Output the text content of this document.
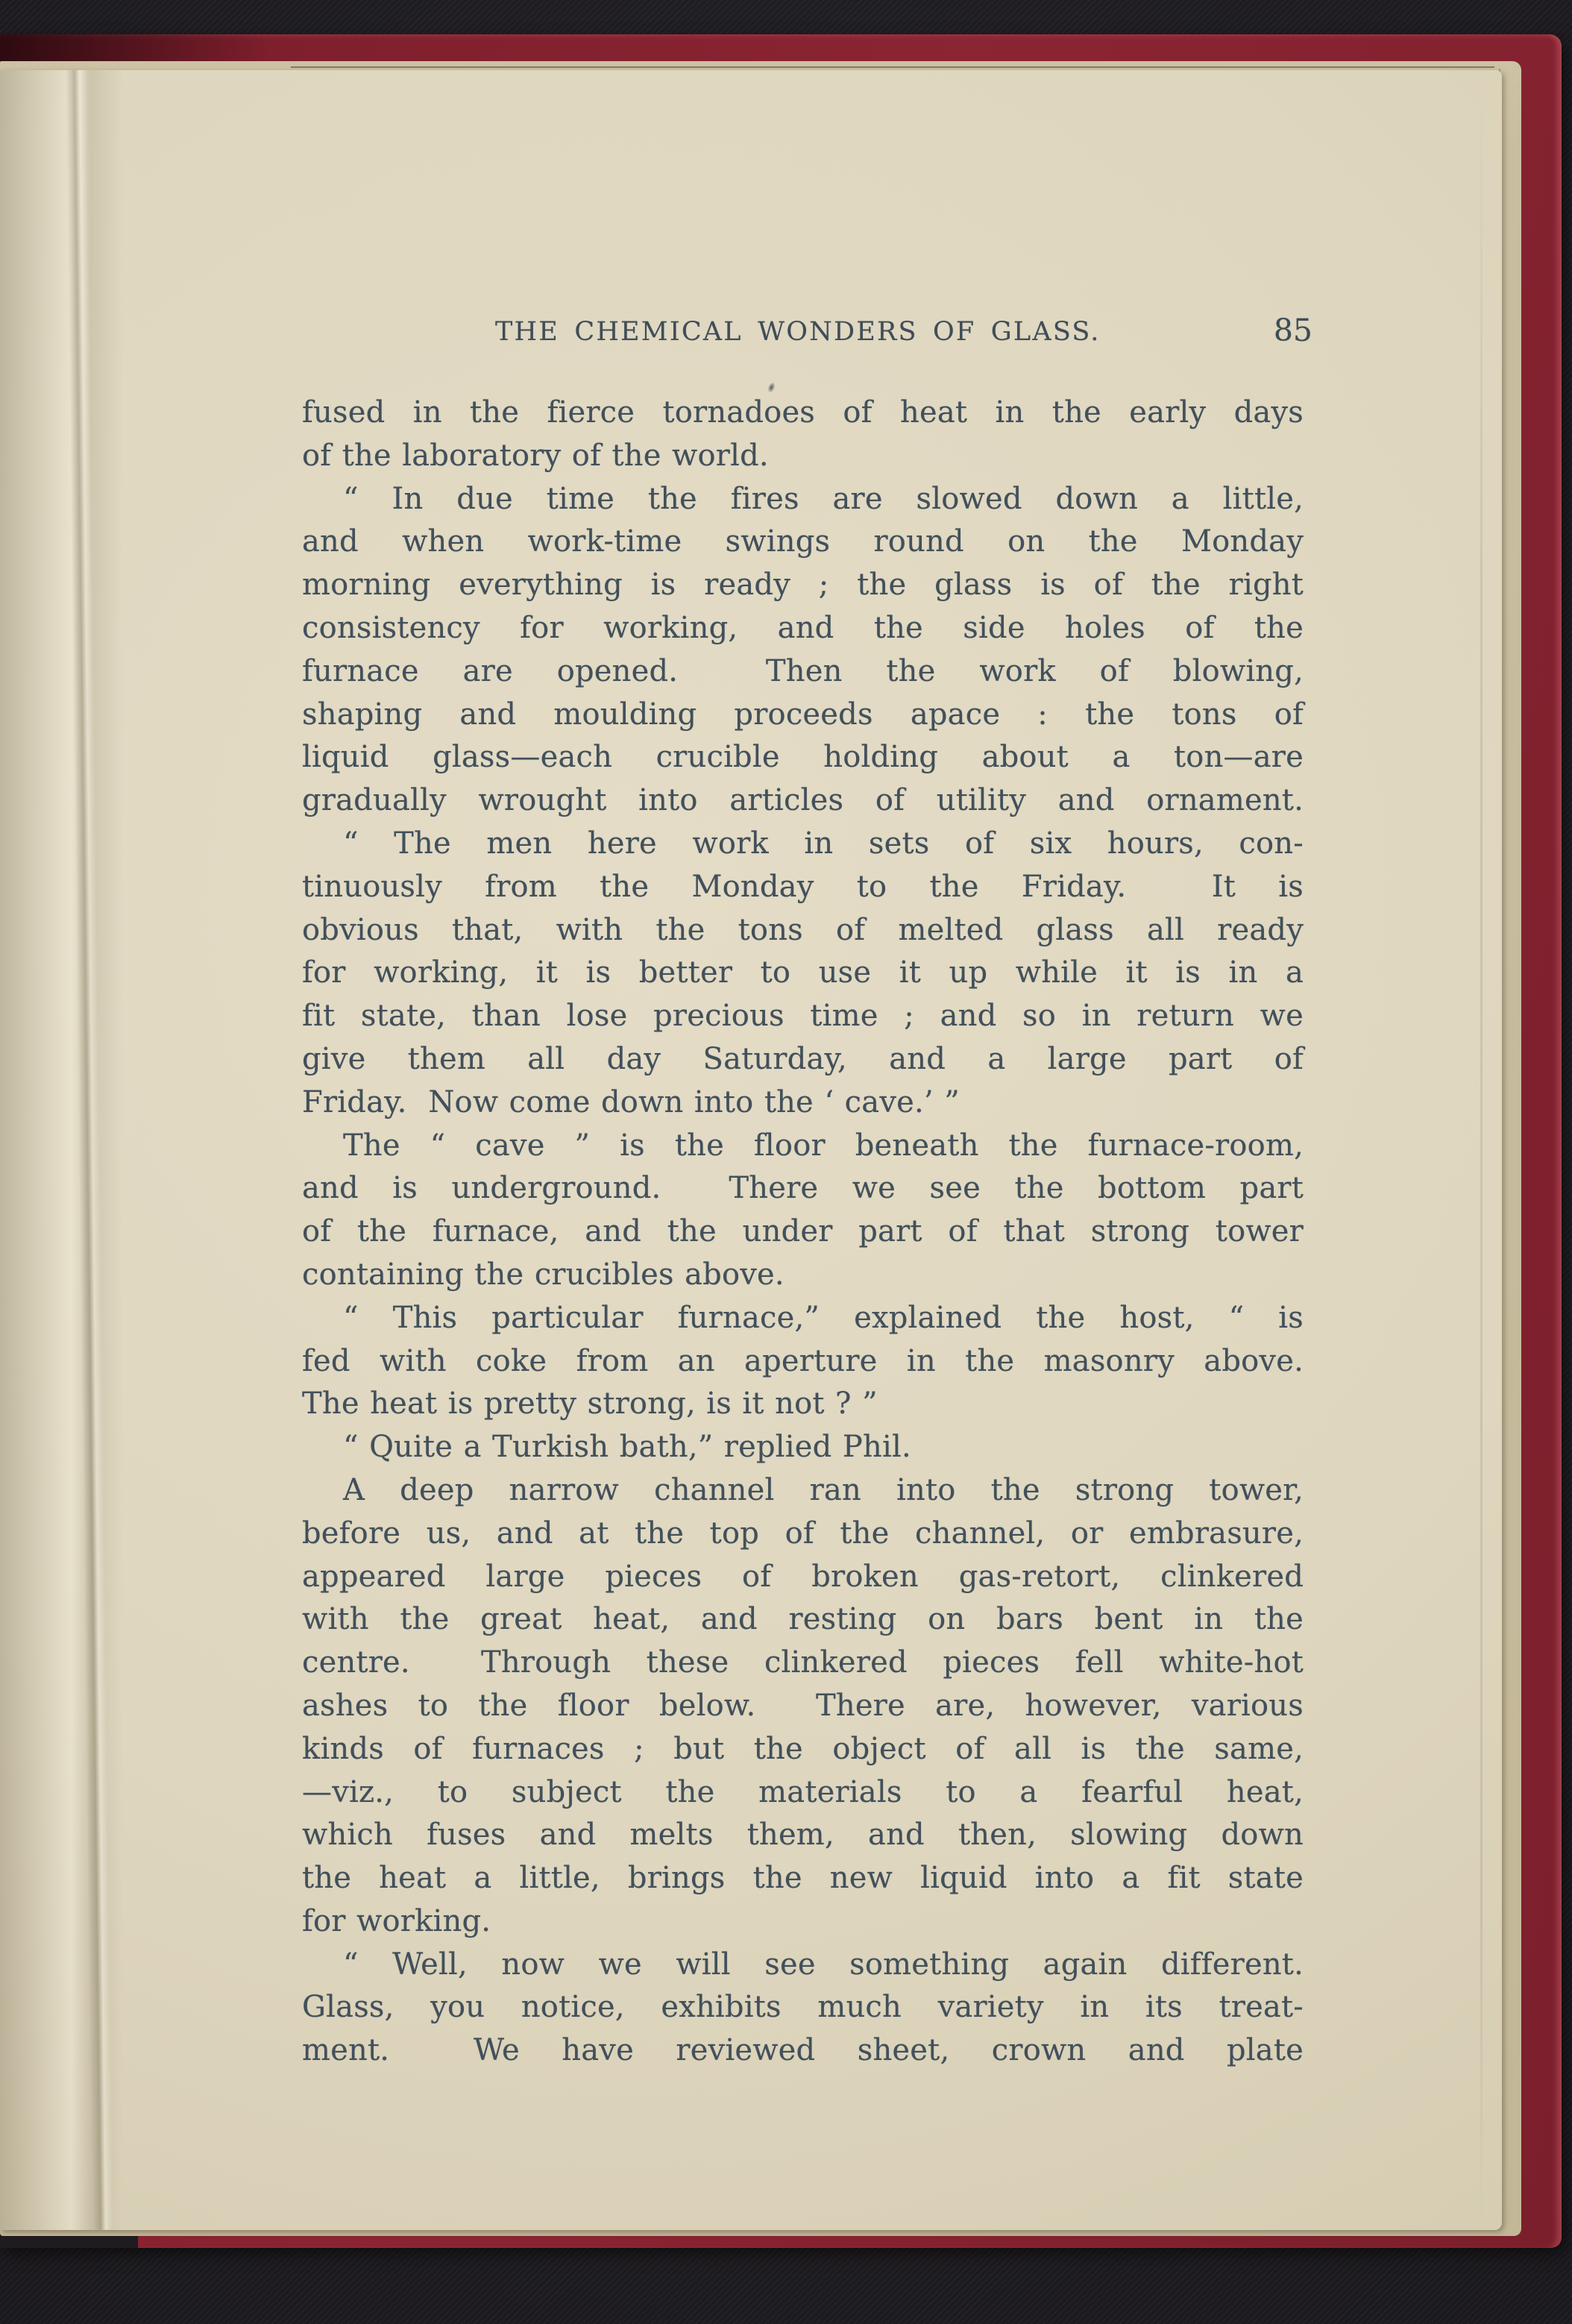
THE CHEMICAL WONDERS OF GLASS.	85
fused in the fierce tornadoes of heat in the early days
of the laboratory of the world.
“ In due time the fires are slowed down a little,
and when work-time swings round on the Monday
morning everything is ready ; the glass is of the right
consistency for working, and the side holes of the
furnace are opened.  Then the work of blowing,
shaping and moulding proceeds apace : the tons of
liquid glass—each crucible holding about a ton—are
gradually wrought into articles of utility and ornament.
“ The men here work in sets of six hours, con-
tinuously from the Monday to the Friday.  It is
obvious that, with the tons of melted glass all ready
for working, it is better to use it up while it is in a
fit state, than lose precious time ; and so in return we
give them all day Saturday, and a large part of
Friday.  Now come down into the ‘ cave.’ ”
The “ cave ” is the floor beneath the furnace-room,
and is underground.  There we see the bottom part
of the furnace, and the under part of that strong tower
containing the crucibles above.
“ This particular furnace,” explained the host, “ is
fed with coke from an aperture in the masonry above.
The heat is pretty strong, is it not ? ”
“ Quite a Turkish bath,” replied Phil.
A deep narrow channel ran into the strong tower,
before us, and at the top of the channel, or embrasure,
appeared large pieces of broken gas-retort, clinkered
with the great heat, and resting on bars bent in the
centre.  Through these clinkered pieces fell white-hot
ashes to the floor below.  There are, however, various
kinds of furnaces ; but the object of all is the same,
—viz., to subject the materials to a fearful heat,
which fuses and melts them, and then, slowing down
the heat a little, brings the new liquid into a fit state
for working.
“ Well, now we will see something again different.
Glass, you notice, exhibits much variety in its treat-
ment.  We have reviewed sheet, crown and plate
